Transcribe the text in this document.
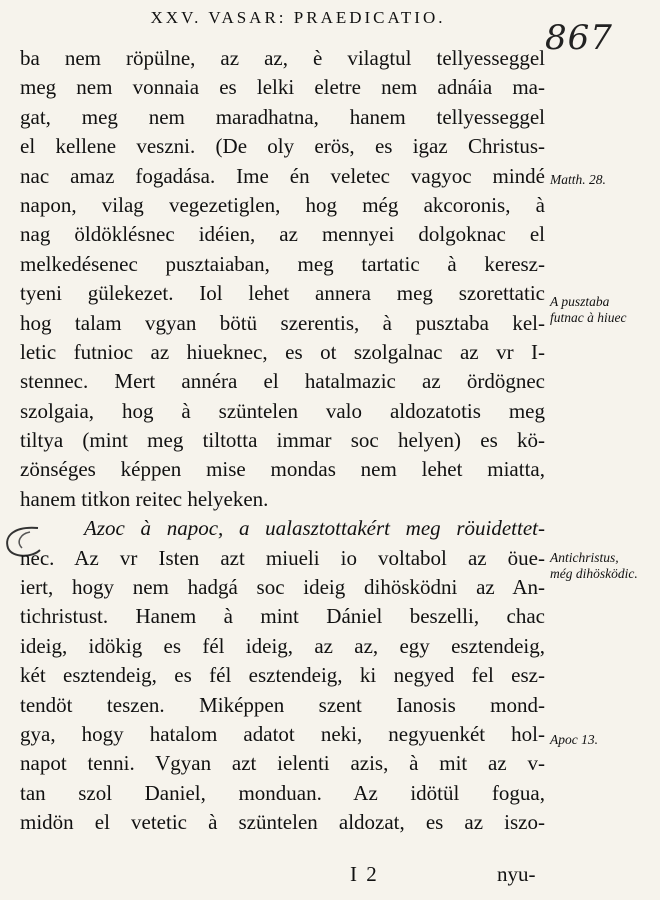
XXV. VASAR: PRAEDICATIO.
867
ba nem röpülne, az az, è vilagtul tellyesseggel
meg nem vonnaia es lelki eletre nem adnáia ma-
gat, meg nem maradhatna, hanem tellyesseggel
el kellene veszni. (De oly erös, es igaz Christus-
nac amaz fogadása. Ime én veletec vagyoc mindé
napon, vilag vegezetiglen, hog még akcoronis, à
nag öldöklésnec idéien, az mennyei dolgoknac el
melkedésenec pusztaiaban, meg tartatic à keresz-
tyeni gülekezet. Iol lehet annera meg szorettatic
hog talam vgyan bötü szerentis, à pusztaba kel-
letic futnioc az hiueknec, es ot szolgalnac az vr I-
stennec. Mert annéra el hatalmazic az ördögnec
szolgaia, hog à szüntelen valo aldozatotis meg
tiltya (mint meg tiltotta immar soc helyen) es kö-
zönséges képpen mise mondas nem lehet miatta,
hanem titkon reitec helyeken.
Azoc à napoc, a ualasztottakért meg röuidettet-
nec. Az vr Isten azt miueli io voltabol az öue-
iert, hogy nem hadgá soc ideig dihösködni az An-
tichristust. Hanem à mint Dániel beszelli, chac
ideig, idökig es fél ideig, az az, egy esztendeig,
két esztendeig, es fél esztendeig, ki negyed fel esz-
tendöt teszen. Miképpen szent Ianosis mond-
gya, hogy hatalom adatot neki, negyuenkét hol-
napot tenni. Vgyan azt ielenti azis, à mit az v-
tan szol Daniel, monduan. Az idötül fogua,
midön el vetetic à szüntelen aldozat, es az iszo-
Matth. 28.
A pusztaba
futnac à hiuec
Antichristus,
még dihösködic.
Apoc 13.
I 2	nyu-
